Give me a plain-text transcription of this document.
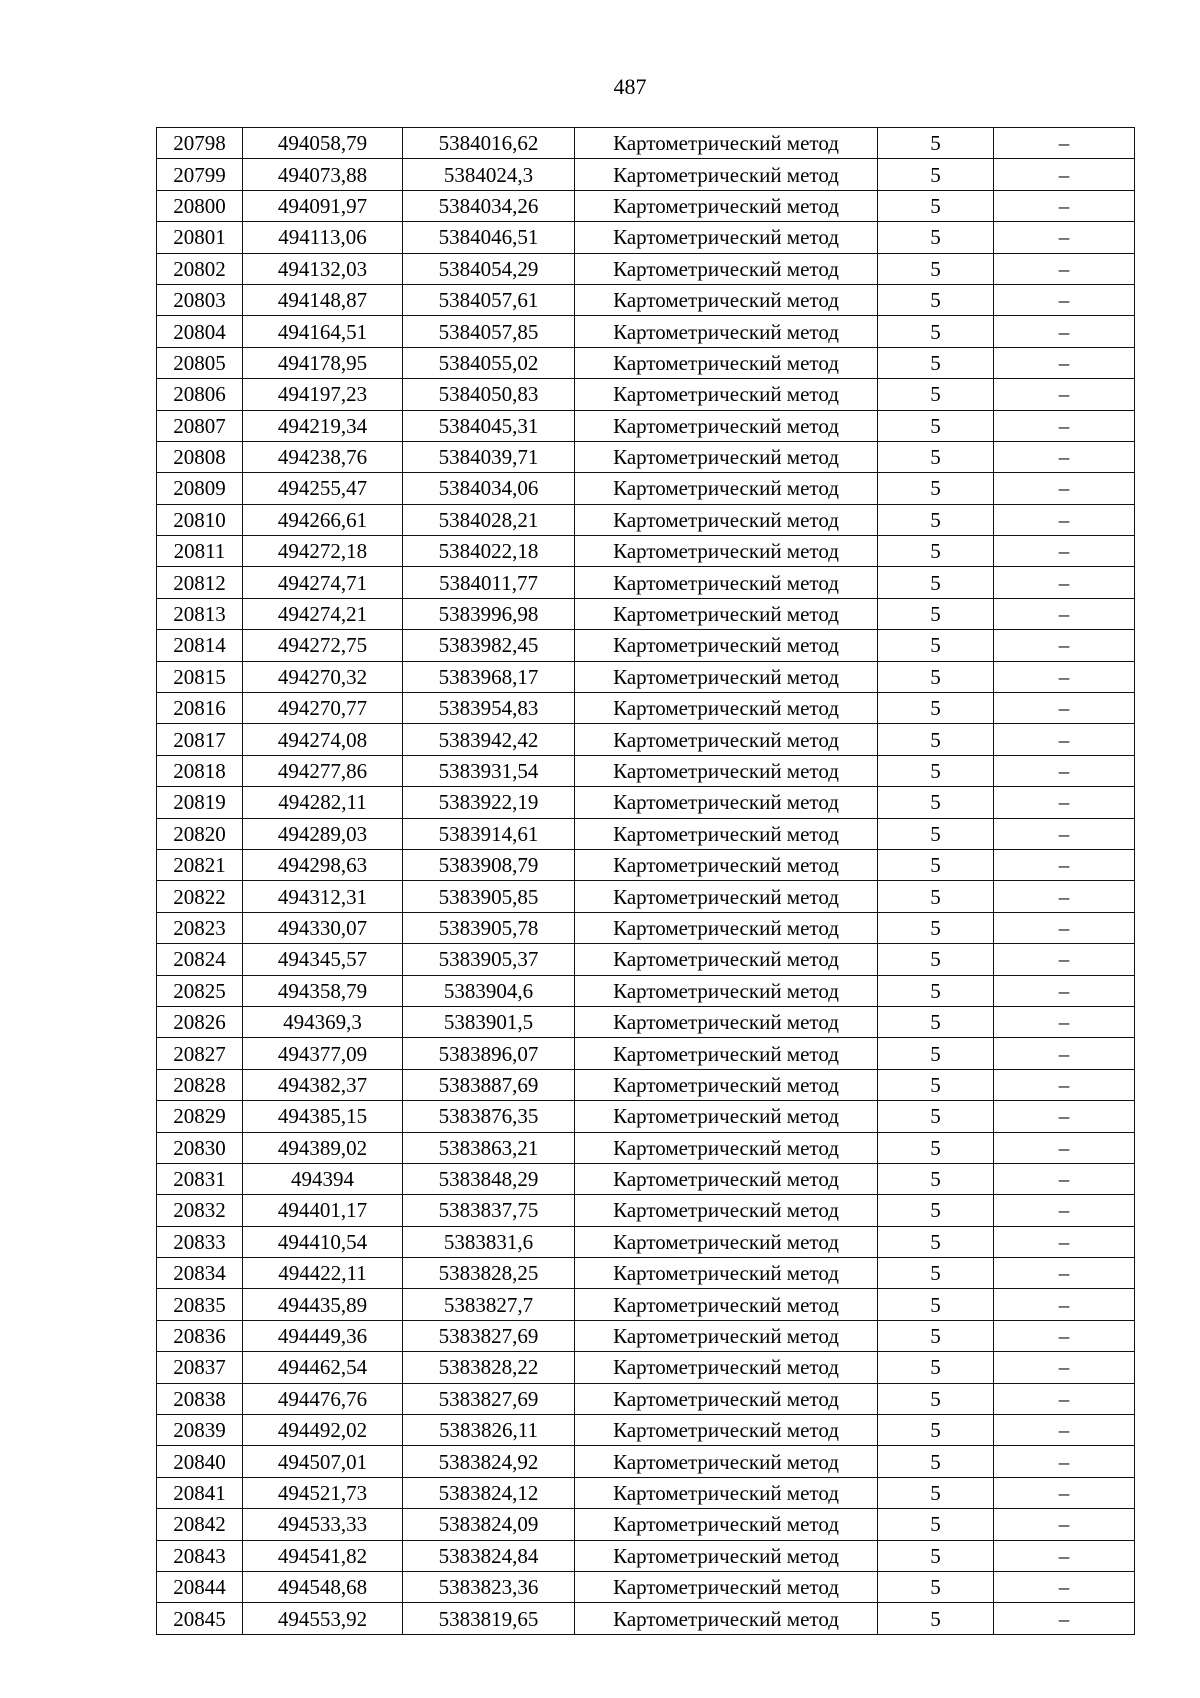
487
20798	494058,79	5384016,62	Картометрический метод	5	–
20799	494073,88	5384024,3	Картометрический метод	5	–
20800	494091,97	5384034,26	Картометрический метод	5	–
20801	494113,06	5384046,51	Картометрический метод	5	–
20802	494132,03	5384054,29	Картометрический метод	5	–
20803	494148,87	5384057,61	Картометрический метод	5	–
20804	494164,51	5384057,85	Картометрический метод	5	–
20805	494178,95	5384055,02	Картометрический метод	5	–
20806	494197,23	5384050,83	Картометрический метод	5	–
20807	494219,34	5384045,31	Картометрический метод	5	–
20808	494238,76	5384039,71	Картометрический метод	5	–
20809	494255,47	5384034,06	Картометрический метод	5	–
20810	494266,61	5384028,21	Картометрический метод	5	–
20811	494272,18	5384022,18	Картометрический метод	5	–
20812	494274,71	5384011,77	Картометрический метод	5	–
20813	494274,21	5383996,98	Картометрический метод	5	–
20814	494272,75	5383982,45	Картометрический метод	5	–
20815	494270,32	5383968,17	Картометрический метод	5	–
20816	494270,77	5383954,83	Картометрический метод	5	–
20817	494274,08	5383942,42	Картометрический метод	5	–
20818	494277,86	5383931,54	Картометрический метод	5	–
20819	494282,11	5383922,19	Картометрический метод	5	–
20820	494289,03	5383914,61	Картометрический метод	5	–
20821	494298,63	5383908,79	Картометрический метод	5	–
20822	494312,31	5383905,85	Картометрический метод	5	–
20823	494330,07	5383905,78	Картометрический метод	5	–
20824	494345,57	5383905,37	Картометрический метод	5	–
20825	494358,79	5383904,6	Картометрический метод	5	–
20826	494369,3	5383901,5	Картометрический метод	5	–
20827	494377,09	5383896,07	Картометрический метод	5	–
20828	494382,37	5383887,69	Картометрический метод	5	–
20829	494385,15	5383876,35	Картометрический метод	5	–
20830	494389,02	5383863,21	Картометрический метод	5	–
20831	494394	5383848,29	Картометрический метод	5	–
20832	494401,17	5383837,75	Картометрический метод	5	–
20833	494410,54	5383831,6	Картометрический метод	5	–
20834	494422,11	5383828,25	Картометрический метод	5	–
20835	494435,89	5383827,7	Картометрический метод	5	–
20836	494449,36	5383827,69	Картометрический метод	5	–
20837	494462,54	5383828,22	Картометрический метод	5	–
20838	494476,76	5383827,69	Картометрический метод	5	–
20839	494492,02	5383826,11	Картометрический метод	5	–
20840	494507,01	5383824,92	Картометрический метод	5	–
20841	494521,73	5383824,12	Картометрический метод	5	–
20842	494533,33	5383824,09	Картометрический метод	5	–
20843	494541,82	5383824,84	Картометрический метод	5	–
20844	494548,68	5383823,36	Картометрический метод	5	–
20845	494553,92	5383819,65	Картометрический метод	5	–
